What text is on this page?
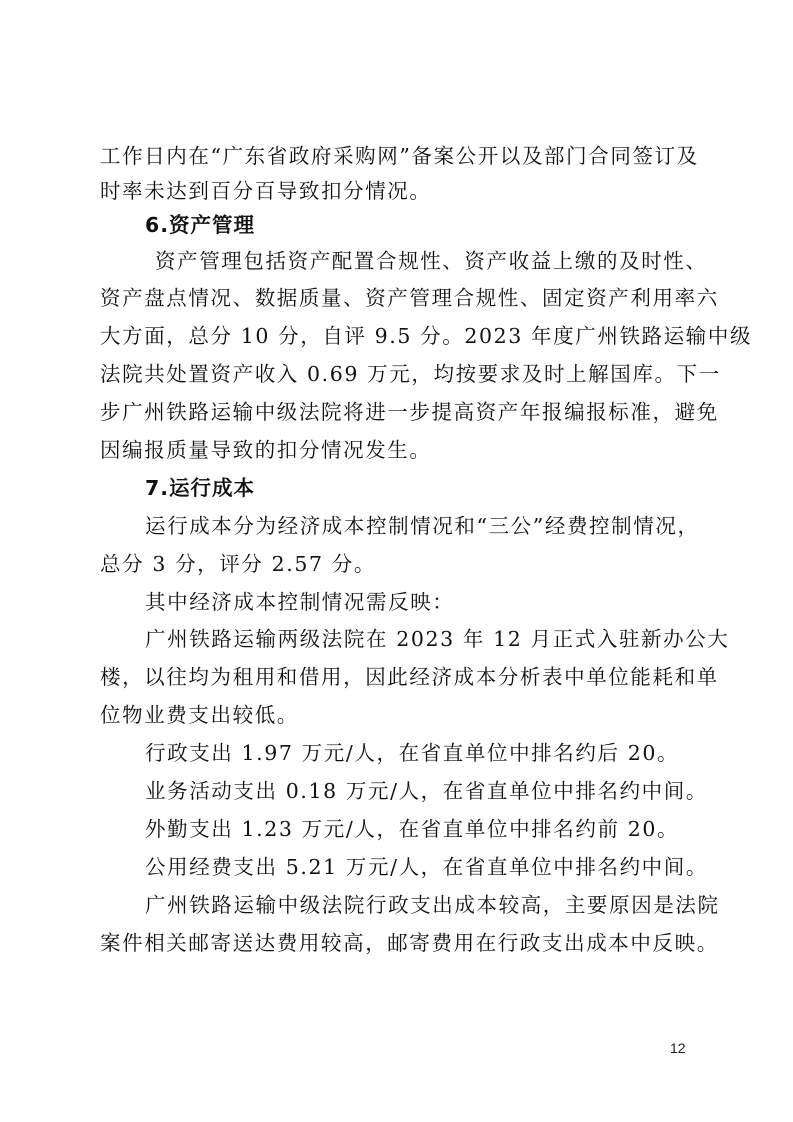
工作日内在“广东省政府采购网”备案公开以及部门合同签订及
时率未达到百分百导致扣分情况。
6.资产管理
资产管理包括资产配置合规性、资产收益上缴的及时性、
资产盘点情况、数据质量、资产管理合规性、固定资产利用率六
大方面，总分 10 分，自评 9.5 分。2023 年度广州铁路运输中级
法院共处置资产收入 0.69 万元，均按要求及时上解国库。下一
步广州铁路运输中级法院将进一步提高资产年报编报标准，避免
因编报质量导致的扣分情况发生。
7.运行成本
运行成本分为经济成本控制情况和“三公”经费控制情况，
总分 3 分，评分 2.57 分。
其中经济成本控制情况需反映：
广州铁路运输两级法院在 2023 年 12 月正式入驻新办公大
楼，以往均为租用和借用，因此经济成本分析表中单位能耗和单
位物业费支出较低。
行政支出 1.97 万元/人，在省直单位中排名约后 20。
业务活动支出 0.18 万元/人，在省直单位中排名约中间。
外勤支出 1.23 万元/人，在省直单位中排名约前 20。
公用经费支出 5.21 万元/人，在省直单位中排名约中间。
广州铁路运输中级法院行政支出成本较高，主要原因是法院
案件相关邮寄送达费用较高，邮寄费用在行政支出成本中反映。
12
